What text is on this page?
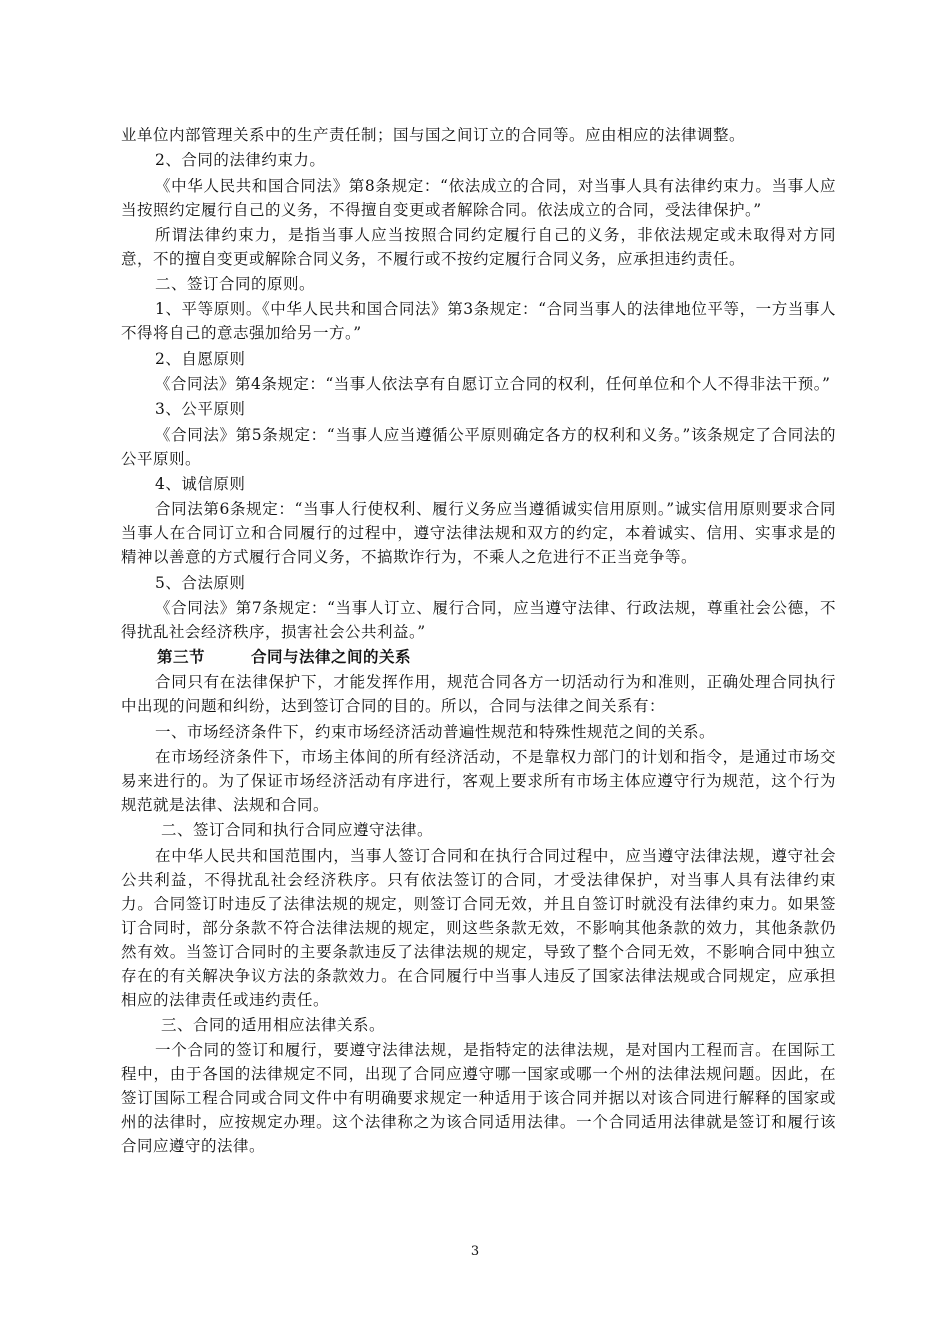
业单位内部管理关系中的生产责任制；国与国之间订立的合同等。应由相应的法律调整。

2、合同的法律约束力。

《中华人民共和国合同法》第8条规定：“依法成立的合同，对当事人具有法律约束力。当事人应当按照约定履行自己的义务，不得擅自变更或者解除合同。依法成立的合同，受法律保护。”

所谓法律约束力，是指当事人应当按照合同约定履行自己的义务，非依法规定或未取得对方同意，不的擅自变更或解除合同义务，不履行或不按约定履行合同义务，应承担违约责任。

二、签订合同的原则。

1、平等原则。《中华人民共和国合同法》第3条规定：“合同当事人的法律地位平等，一方当事人不得将自己的意志强加给另一方。”

2、自愿原则

《合同法》第4条规定：“当事人依法享有自愿订立合同的权利，任何单位和个人不得非法干预。”

3、公平原则

《合同法》第5条规定：“当事人应当遵循公平原则确定各方的权利和义务。”该条规定了合同法的公平原则。

4、诚信原则

合同法第6条规定：“当事人行使权利、履行义务应当遵循诚实信用原则。”诚实信用原则要求合同当事人在合同订立和合同履行的过程中，遵守法律法规和双方的约定，本着诚实、信用、实事求是的精神以善意的方式履行合同义务，不搞欺诈行为，不乘人之危进行不正当竞争等。

5、合法原则

《合同法》第7条规定：“当事人订立、履行合同，应当遵守法律、行政法规，尊重社会公德，不得扰乱社会经济秩序，损害社会公共利益。”

第三节	合同与法律之间的关系

合同只有在法律保护下，才能发挥作用，规范合同各方一切活动行为和准则，正确处理合同执行中出现的问题和纠纷，达到签订合同的目的。所以，合同与法律之间关系有：

一、市场经济条件下，约束市场经济活动普遍性规范和特殊性规范之间的关系。

在市场经济条件下，市场主体间的所有经济活动，不是靠权力部门的计划和指令，是通过市场交易来进行的。为了保证市场经济活动有序进行，客观上要求所有市场主体应遵守行为规范，这个行为规范就是法律、法规和合同。

二、签订合同和执行合同应遵守法律。

在中华人民共和国范围内，当事人签订合同和在执行合同过程中，应当遵守法律法规，遵守社会公共利益，不得扰乱社会经济秩序。只有依法签订的合同，才受法律保护，对当事人具有法律约束力。合同签订时违反了法律法规的规定，则签订合同无效，并且自签订时就没有法律约束力。如果签订合同时，部分条款不符合法律法规的规定，则这些条款无效，不影响其他条款的效力，其他条款仍然有效。当签订合同时的主要条款违反了法律法规的规定，导致了整个合同无效，不影响合同中独立存在的有关解决争议方法的条款效力。在合同履行中当事人违反了国家法律法规或合同规定，应承担相应的法律责任或违约责任。

三、合同的适用相应法律关系。

一个合同的签订和履行，要遵守法律法规，是指特定的法律法规，是对国内工程而言。在国际工程中，由于各国的法律规定不同，出现了合同应遵守哪一国家或哪一个州的法律法规问题。因此，在签订国际工程合同或合同文件中有明确要求规定一种适用于该合同并据以对该合同进行解释的国家或州的法律时，应按规定办理。这个法律称之为该合同适用法律。一个合同适用法律就是签订和履行该合同应遵守的法律。

3
